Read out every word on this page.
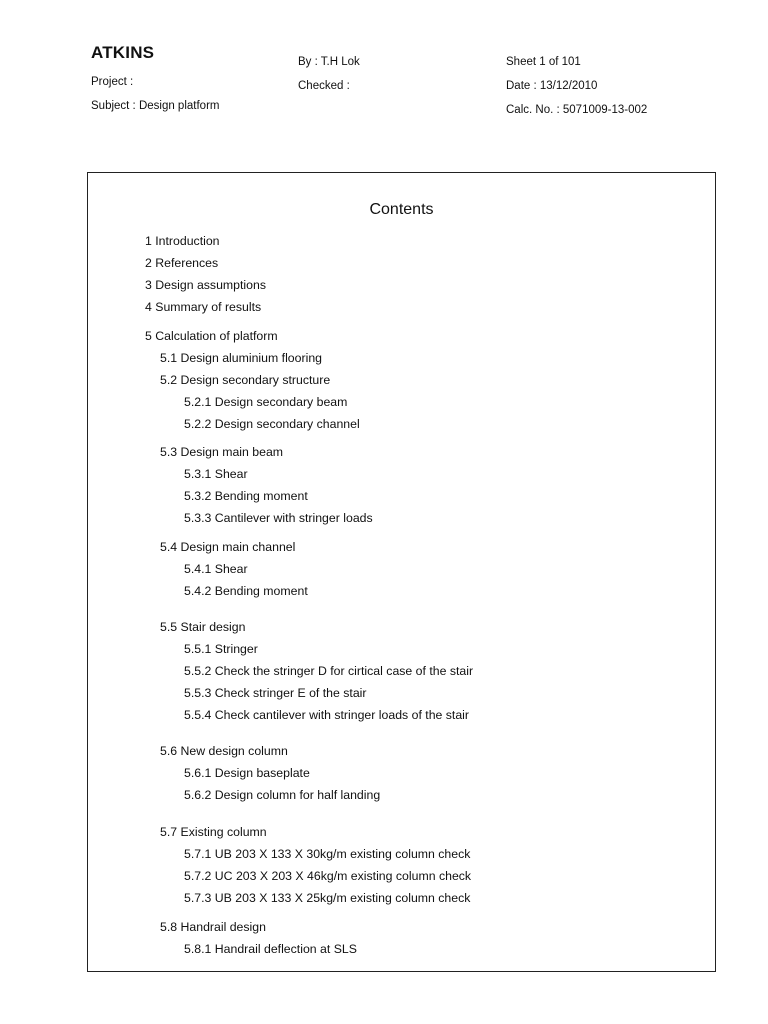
ATKINS
Project :
Subject : Design platform
By : T.H Lok
Checked :
Sheet 1 of 101
Date : 13/12/2010
Calc. No. : 5071009-13-002
Contents
1 Introduction
2 References
3 Design assumptions
4 Summary of results
5 Calculation of platform
5.1 Design aluminium flooring
5.2 Design secondary structure
5.2.1 Design secondary beam
5.2.2 Design secondary channel
5.3 Design main beam
5.3.1 Shear
5.3.2 Bending moment
5.3.3 Cantilever with stringer loads
5.4 Design main channel
5.4.1 Shear
5.4.2 Bending moment
5.5 Stair design
5.5.1 Stringer
5.5.2 Check the stringer D for cirtical case of the stair
5.5.3 Check stringer E of the stair
5.5.4 Check cantilever with stringer loads of the stair
5.6 New design column
5.6.1 Design baseplate
5.6.2 Design column for half landing
5.7 Existing column
5.7.1 UB 203 X 133 X 30kg/m existing column check
5.7.2 UC 203 X 203 X 46kg/m existing column check
5.7.3 UB 203 X 133 X 25kg/m existing column check
5.8 Handrail design
5.8.1 Handrail deflection at SLS
